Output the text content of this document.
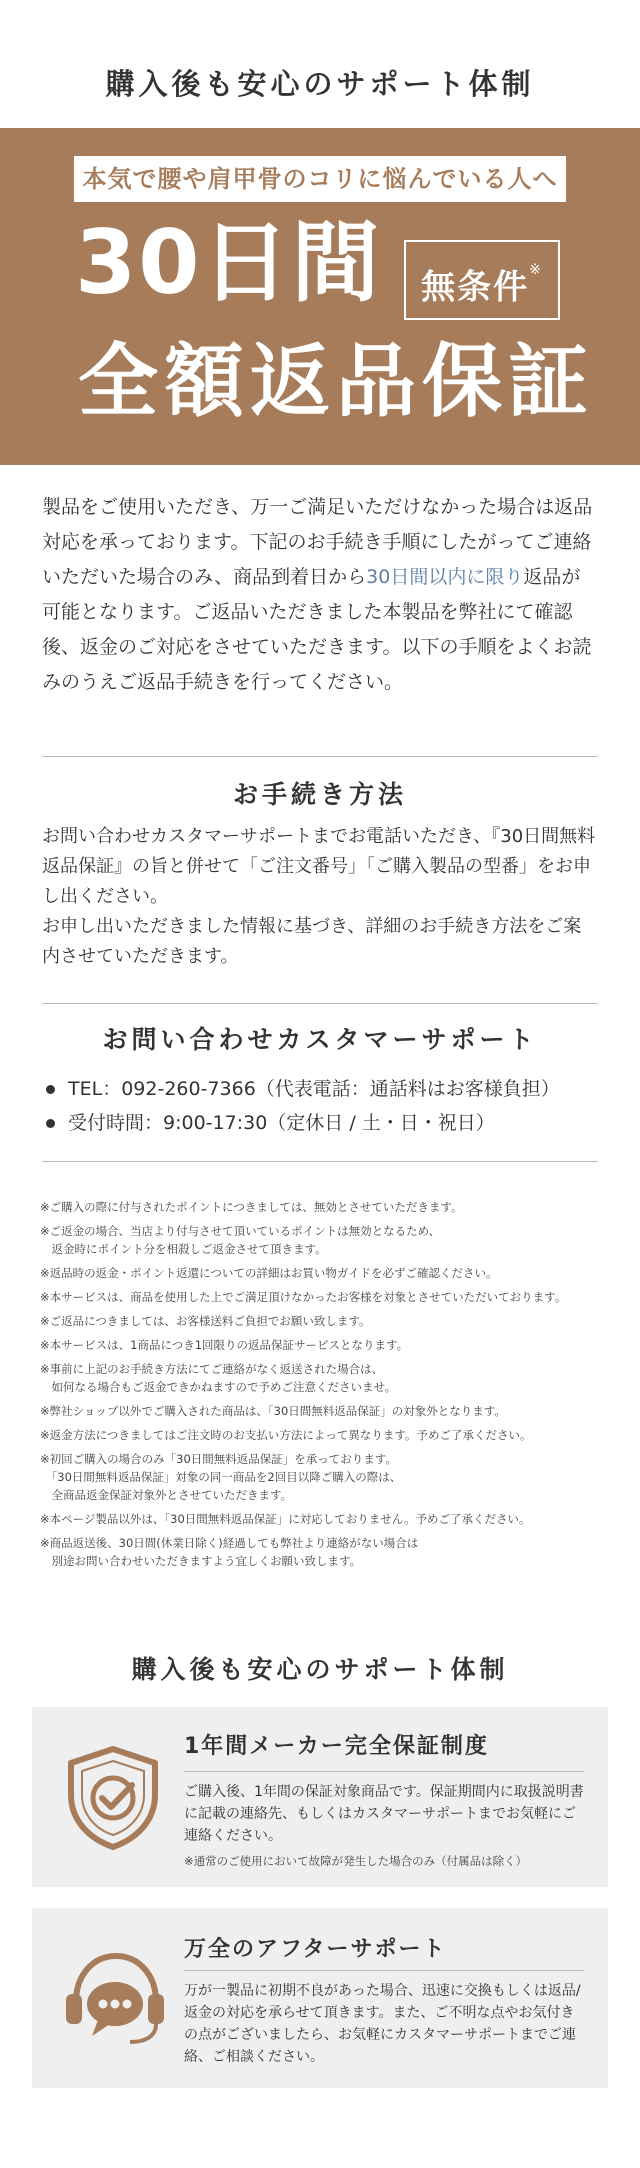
購入後も安心のサポート体制
本気で腰や肩甲骨のコリに悩んでいる人へ
30日間	無条件※
全額返品保証
製品をご使用いただき、万一ご満足いただけなかった場合は返品対応を承っております。下記のお手続き手順にしたがってご連絡いただいた場合のみ、商品到着日から30日間以内に限り返品が可能となります。ご返品いただきました本製品を弊社にて確認後、返金のご対応をさせていただきます。以下の手順をよくお読みのうえご返品手続きを行ってください。
お手続き方法
お問い合わせカスタマーサポートまでお電話いただき、『30日間無料返品保証』の旨と併せて「ご注文番号」「ご購入製品の型番」をお申し出ください。
お申し出いただきました情報に基づき、詳細のお手続き方法をご案内させていただきます。
お問い合わせカスタマーサポート
TEL：092-260-7366（代表電話：通話料はお客様負担）
受付時間：9:00-17:30（定休日 / 土・日・祝日）
※ご購入の際に付与されたポイントにつきましては、無効とさせていただきます。
※ご返金の場合、当店より付与させて頂いているポイントは無効となるため、
　返金時にポイント分を相殺しご返金させて頂きます。
※返品時の返金・ポイント返還についての詳細はお買い物ガイドを必ずご確認ください。
※本サービスは、商品を使用した上でご満足頂けなかったお客様を対象とさせていただいております。
※ご返品につきましては、お客様送料ご負担でお願い致します。
※本サービスは、1商品につき1回限りの返品保証サービスとなります。
※事前に上記のお手続き方法にてご連絡がなく返送された場合は、
　如何なる場合もご返金できかねますので予めご注意くださいませ。
※弊社ショップ以外でご購入された商品は、「30日間無料返品保証」の対象外となります。
※返金方法につきましてはご注文時のお支払い方法によって異なります。予めご了承ください。
※初回ご購入の場合のみ「30日間無料返品保証」を承っております。
　「30日間無料返品保証」対象の同一商品を2回目以降ご購入の際は、
　全商品返金保証対象外とさせていただきます。
※本ページ製品以外は、「30日間無料返品保証」に対応しておりません。予めご了承ください。
※商品返送後、30日間(休業日除く)経過しても弊社より連絡がない場合は
　別途お問い合わせいただきますよう宜しくお願い致します。
購入後も安心のサポート体制
1年間メーカー完全保証制度
ご購入後、1年間の保証対象商品です。保証期間内に取扱説明書に記載の連絡先、もしくはカスタマーサポートまでお気軽にご連絡ください。
※通常のご使用において故障が発生した場合のみ（付属品は除く）
万全のアフターサポート
万が一製品に初期不良があった場合、迅速に交換もしくは返品/返金の対応を承らせて頂きます。また、ご不明な点やお気付きの点がございましたら、お気軽にカスタマーサポートまでご連絡、ご相談ください。
